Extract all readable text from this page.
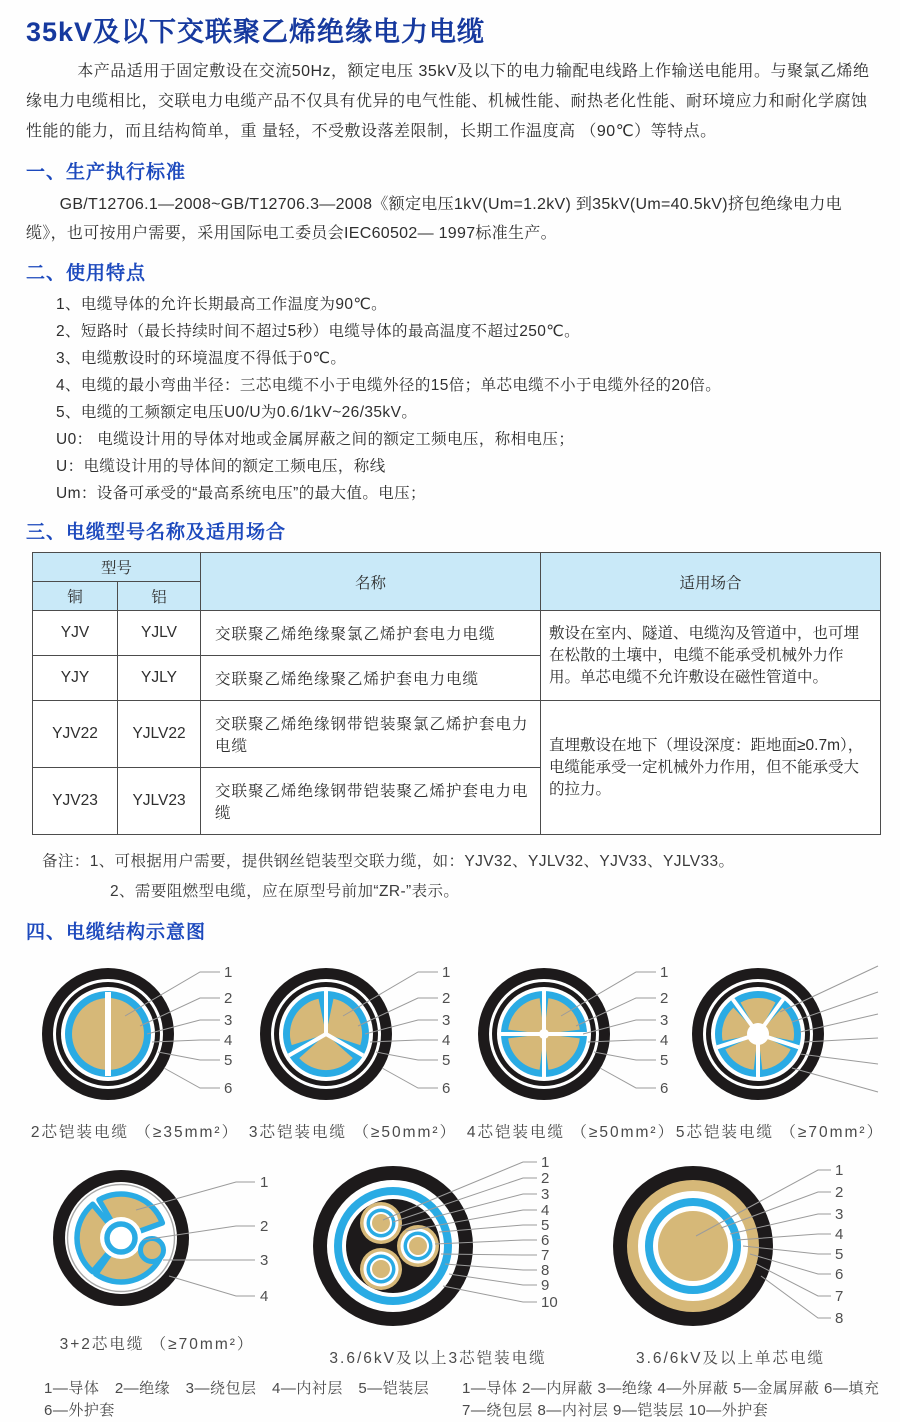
35kV及以下交联聚乙烯绝缘电力电缆

本产品适用于固定敷设在交流50Hz，额定电压 35kV及以下的电力输配电线路上作输送电能用。与聚氯乙烯绝缘电力电缆相比，交联电力电缆产品不仅具有优异的电气性能、机械性能、耐热老化性能、耐环境应力和耐化学腐蚀性能的能力，而且结构简单，重 量轻，不受敷设落差限制，长期工作温度高 （90℃）等特点。

一、生产执行标准

GB/T12706.1—2008~GB/T12706.3—2008《额定电压1kV(Um=1.2kV) 到35kV(Um=40.5kV)挤包绝缘电力电缆》，也可按用户需要，采用国际电工委员会IEC60502— 1997标准生产。

二、使用特点
1、电缆导体的允许长期最高工作温度为90℃。
2、短路时（最长持续时间不超过5秒）电缆导体的最高温度不超过250℃。
3、电缆敷设时的环境温度不得低于0℃。
4、电缆的最小弯曲半径：三芯电缆不小于电缆外径的15倍；单芯电缆不小于电缆外径的20倍。
5、电缆的工频额定电压U0/U为0.6/1kV~26/35kV。
U0： 电缆设计用的导体对地或金属屏蔽之间的额定工频电压，称相电压；
U：电缆设计用的导体间的额定工频电压，称线
Um：设备可承受的“最高系统电压”的最大值。电压；
三、电缆型号名称及适用场合
型号		名称	适用场合
铜	铝		
YJV	YJLV	交联聚乙烯绝缘聚氯乙烯护套电力电缆	敷设在室内、隧道、电缆沟及管道中，也可埋在松散的土壤中，电缆不能承受机械外力作用。单芯电缆不允许敷设在磁性管道中。
YJY	YJLY	交联聚乙烯绝缘聚乙烯护套电力电缆	
YJV22	YJLV22	交联聚乙烯绝缘钢带铠装聚氯乙烯护套电力电缆	直埋敷设在地下（埋设深度：距地面≥0.7m），电缆能承受一定机械外力作用，但不能承受大的拉力。
YJV23	YJLV23	交联聚乙烯绝缘钢带铠装聚乙烯护套电力电缆	
备注：1、可根据用户需要，提供钢丝铠装型交联力缆，如：YJV32、YJLV32、YJV33、YJLV33。
2、需要阻燃型电缆，应在原型号前加“ZR-”表示。
四、电缆结构示意图
1
2
3
4
5
6
2芯铠装电缆 （≥35mm²）
1
2
3
4
5
6
3芯铠装电缆 （≥50mm²）
1
2
3
4
5
6
4芯铠装电缆 （≥50mm²） 5芯铠装电缆 （≥70mm²）
1
2
3
4
3+2芯电缆 （≥70mm²）
1
2
3
4
5
6
7
8
9
10
3.6/6kV及以上3芯铠装电缆
1
2
3
4
5
6
7
8
3.6/6kV及以上单芯电缆
1—导体　2—绝缘　3—绕包层　4—内衬层　5—铠装层
6—外护套
1—导体 2—内屏蔽 3—绝缘 4—外屏蔽 5—金属屏蔽 6—填充
7—绕包层 8—内衬层 9—铠装层 10—外护套
